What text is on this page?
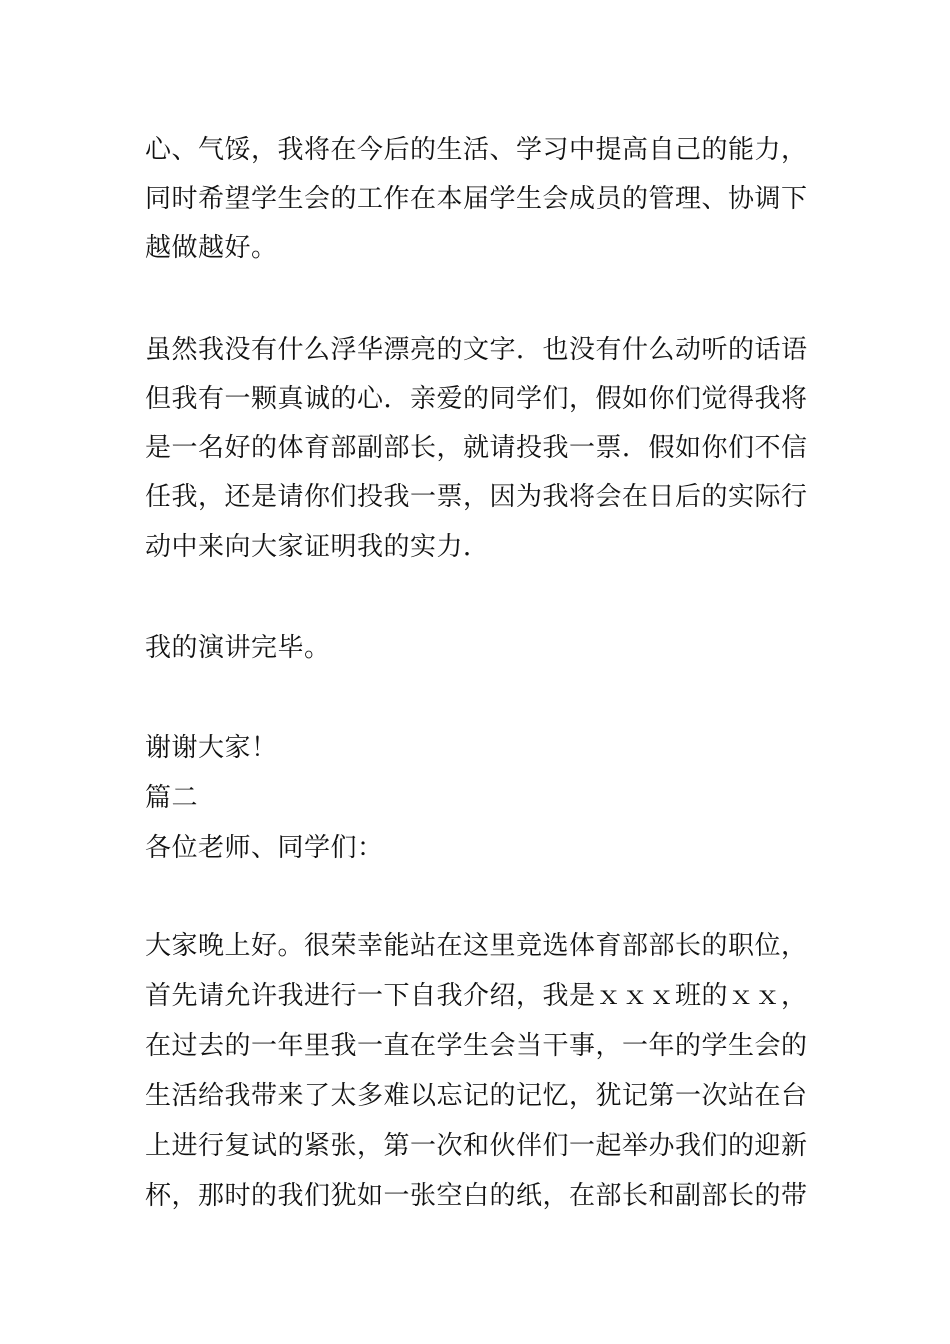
心、气馁，我将在今后的生活、学习中提高自己的能力，
同时希望学生会的工作在本届学生会成员的管理、协调下
越做越好。
虽然我没有什么浮华漂亮的文字．也没有什么动听的话语
但我有一颗真诚的心．亲爱的同学们，假如你们觉得我将
是一名好的体育部副部长，就请投我一票．假如你们不信
任我，还是请你们投我一票，因为我将会在日后的实际行
动中来向大家证明我的实力．
我的演讲完毕。
谢谢大家！
篇二
各位老师、同学们：
大家晚上好。很荣幸能站在这里竞选体育部部长的职位，
首先请允许我进行一下自我介绍，我是ｘｘｘ班的ｘｘ，
在过去的一年里我一直在学生会当干事，一年的学生会的
生活给我带来了太多难以忘记的记忆，犹记第一次站在台
上进行复试的紧张，第一次和伙伴们一起举办我们的迎新
杯，那时的我们犹如一张空白的纸，在部长和副部长的带
